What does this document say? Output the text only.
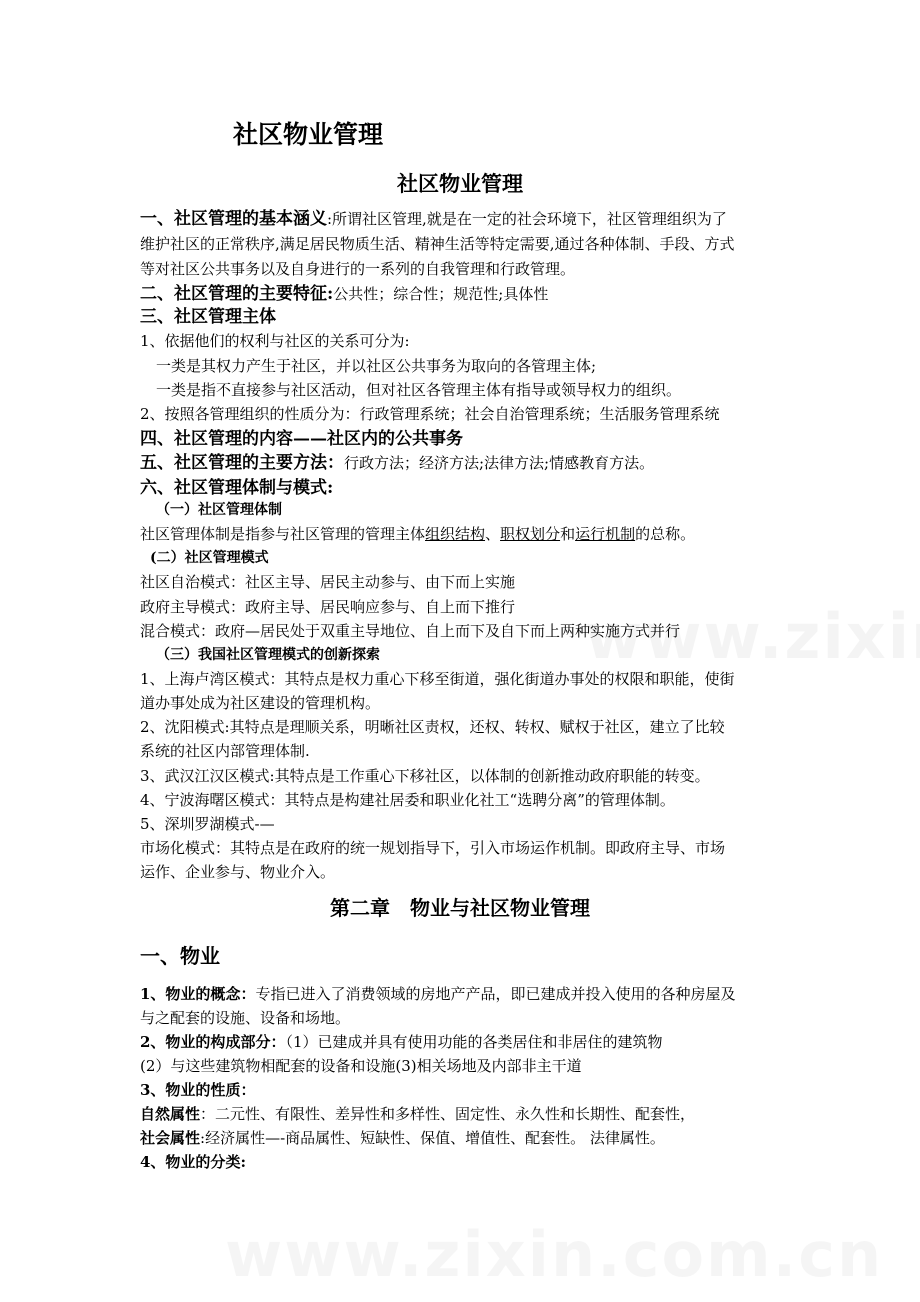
社区物业管理
社区物业管理
一、社区管理的基本涵义:所谓社区管理,就是在一定的社会环境下，社区管理组织为了
维护社区的正常秩序,满足居民物质生活、精神生活等特定需要,通过各种体制、手段、方式
等对社区公共事务以及自身进行的一系列的自我管理和行政管理。
二、社区管理的主要特征:公共性；综合性；规范性;具体性
三、社区管理主体
1、依据他们的权利与社区的关系可分为:
一类是其权力产生于社区，并以社区公共事务为取向的各管理主体;
一类是指不直接参与社区活动，但对社区各管理主体有指导或领导权力的组织。
2、按照各管理组织的性质分为：行政管理系统；社会自治管理系统；生活服务管理系统
四、社区管理的内容——社区内的公共事务
五、社区管理的主要方法：行政方法；经济方法;法律方法;情感教育方法。
六、社区管理体制与模式:
（一）社区管理体制
社区管理体制是指参与社区管理的管理主体组织结构、职权划分和运行机制的总称。
(二）社区管理模式
社区自治模式：社区主导、居民主动参与、由下而上实施
政府主导模式：政府主导、居民响应参与、自上而下推行
混合模式：政府—居民处于双重主导地位、自上而下及自下而上两种实施方式并行
（三）我国社区管理模式的创新探索
1、上海卢湾区模式：其特点是权力重心下移至街道，强化街道办事处的权限和职能，使街
道办事处成为社区建设的管理机构。
2、沈阳模式:其特点是理顺关系，明晰社区责权，还权、转权、赋权于社区，建立了比较
系统的社区内部管理体制.
3、武汉江汉区模式:其特点是工作重心下移社区，以体制的创新推动政府职能的转变。
4、宁波海曙区模式：其特点是构建社居委和职业化社工“选聘分离”的管理体制。
5、深圳罗湖模式-—
市场化模式：其特点是在政府的统一规划指导下，引入市场运作机制。即政府主导、市场
运作、企业参与、物业介入。
第二章　物业与社区物业管理
一、物业
1、物业的概念：专指已进入了消费领域的房地产产品，即已建成并投入使用的各种房屋及
与之配套的设施、设备和场地。
2、物业的构成部分：（1）已建成并具有使用功能的各类居住和非居住的建筑物
(2）与这些建筑物相配套的设备和设施(3)相关场地及内部非主干道
3、物业的性质：
自然属性：二元性、有限性、差异性和多样性、固定性、永久性和长期性、配套性，
社会属性:经济属性—-商品属性、短缺性、保值、增值性、配套性。 法律属性。
4、物业的分类:
